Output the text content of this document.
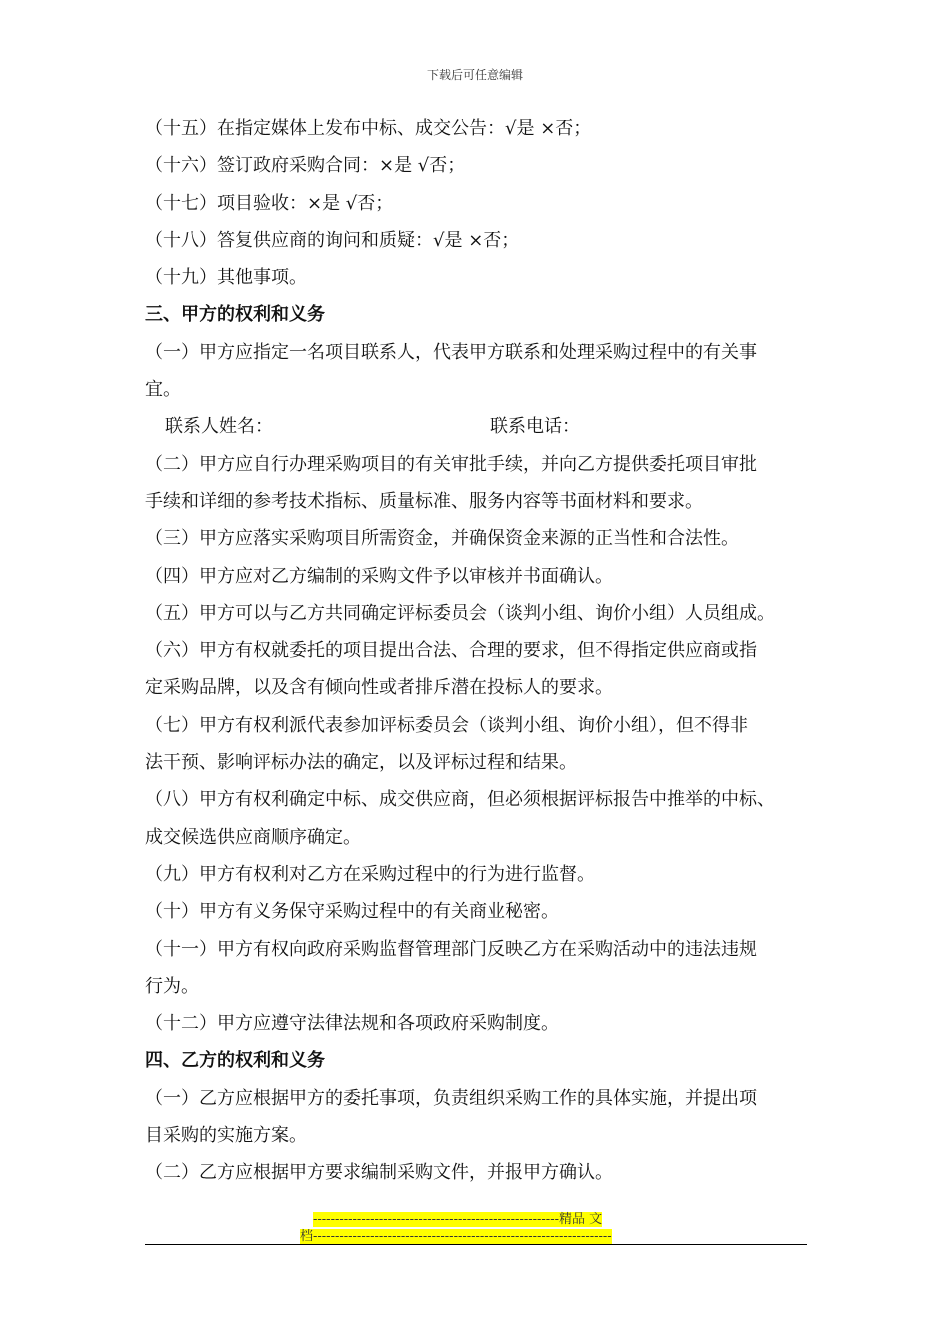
下载后可任意编辑
（十五）在指定媒体上发布中标、成交公告：√是 ×否；
（十六）签订政府采购合同：×是 √否；
（十七）项目验收：×是 √否；
（十八）答复供应商的询问和质疑：√是 ×否；
（十九）其他事项。
三、甲方的权利和义务
（一）甲方应指定一名项目联系人，代表甲方联系和处理采购过程中的有关事
宜。
联系人姓名：	联系电话：
（二）甲方应自行办理采购项目的有关审批手续，并向乙方提供委托项目审批
手续和详细的参考技术指标、质量标准、服务内容等书面材料和要求。
（三）甲方应落实采购项目所需资金，并确保资金来源的正当性和合法性。
（四）甲方应对乙方编制的采购文件予以审核并书面确认。
（五）甲方可以与乙方共同确定评标委员会（谈判小组、询价小组）人员组成。
（六）甲方有权就委托的项目提出合法、合理的要求，但不得指定供应商或指
定采购品牌，以及含有倾向性或者排斥潜在投标人的要求。
（七）甲方有权利派代表参加评标委员会（谈判小组、询价小组），但不得非
法干预、影响评标办法的确定，以及评标过程和结果。
（八）甲方有权利确定中标、成交供应商，但必须根据评标报告中推举的中标、
成交候选供应商顺序确定。
（九）甲方有权利对乙方在采购过程中的行为进行监督。
（十）甲方有义务保守采购过程中的有关商业秘密。
（十一）甲方有权向政府采购监督管理部门反映乙方在采购活动中的违法违规
行为。
（十二）甲方应遵守法律法规和各项政府采购制度。
四、乙方的权利和义务
（一）乙方应根据甲方的委托事项，负责组织采购工作的具体实施，并提出项
目采购的实施方案。
（二）乙方应根据甲方要求编制采购文件，并报甲方确认。
--------------------------------------------------------精品 文
档--------------------------------------------------------------------
